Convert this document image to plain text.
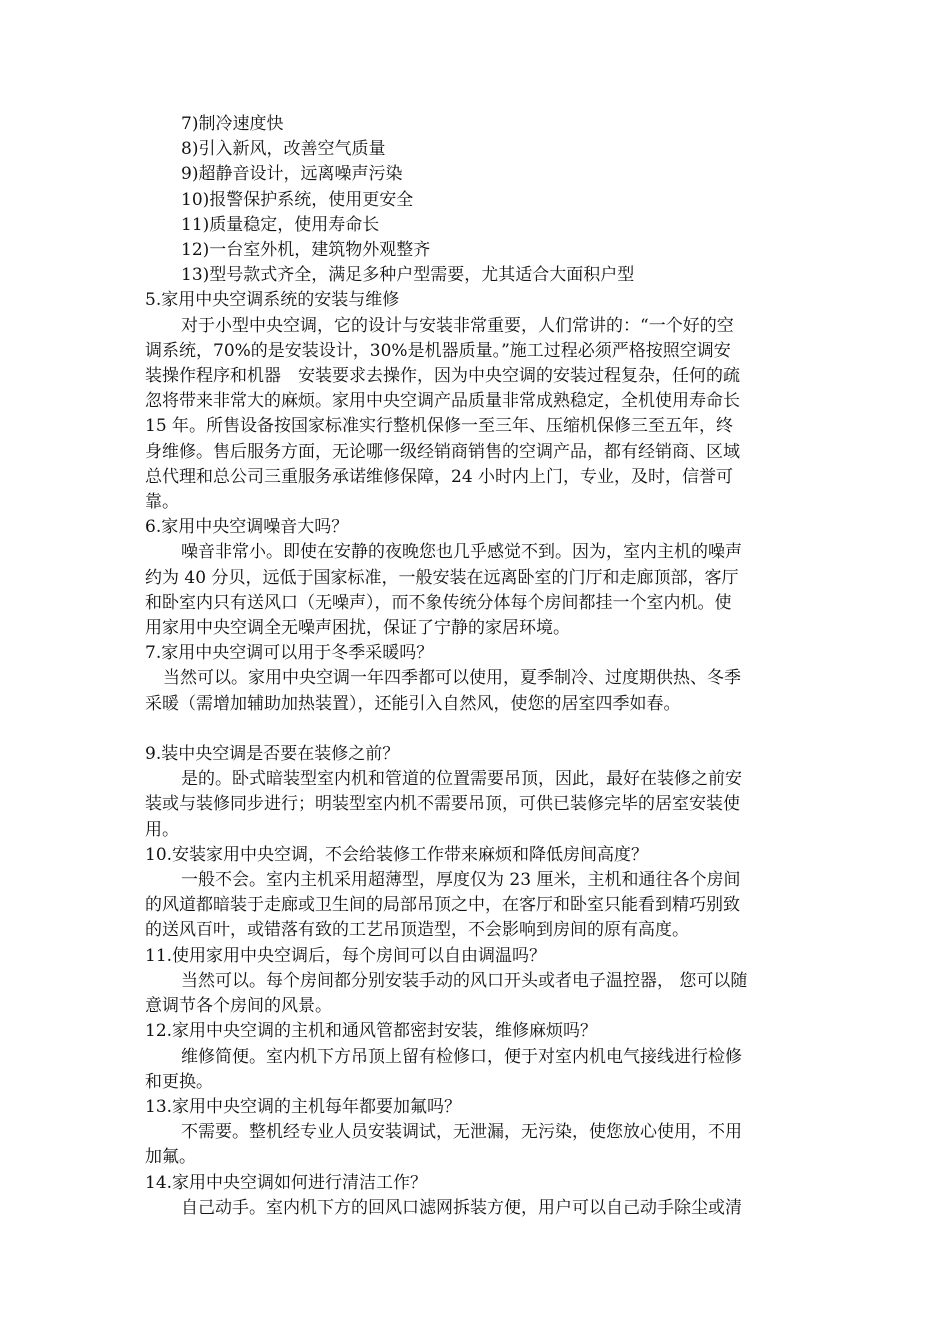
7)制冷速度快
8)引入新风，改善空气质量
9)超静音设计，远离噪声污染
10)报警保护系统，使用更安全
11)质量稳定，使用寿命长
12)一台室外机，建筑物外观整齐
13)型号款式齐全，满足多种户型需要，尤其适合大面积户型
5.家用中央空调系统的安装与维修
对于小型中央空调，它的设计与安装非常重要，人们常讲的：“一个好的空
调系统，70%的是安装设计，30%是机器质量。”施工过程必须严格按照空调安
装操作程序和机器　安装要求去操作，因为中央空调的安装过程复杂，任何的疏
忽将带来非常大的麻烦。家用中央空调产品质量非常成熟稳定，全机使用寿命长
15 年。所售设备按国家标准实行整机保修一至三年、压缩机保修三至五年，终
身维修。售后服务方面，无论哪一级经销商销售的空调产品，都有经销商、区域
总代理和总公司三重服务承诺维修保障，24 小时内上门，专业，及时，信誉可
靠。
6.家用中央空调噪音大吗？
噪音非常小。即使在安静的夜晚您也几乎感觉不到。因为，室内主机的噪声
约为 40 分贝，远低于国家标准，一般安装在远离卧室的门厅和走廊顶部，客厅
和卧室内只有送风口（无噪声），而不象传统分体每个房间都挂一个室内机。使
用家用中央空调全无噪声困扰，保证了宁静的家居环境。
7.家用中央空调可以用于冬季采暖吗？
当然可以。家用中央空调一年四季都可以使用，夏季制冷、过度期供热、冬季
采暖（需增加辅助加热装置），还能引入自然风，使您的居室四季如春。
9.装中央空调是否要在装修之前？
是的。卧式暗装型室内机和管道的位置需要吊顶，因此，最好在装修之前安
装或与装修同步进行；明装型室内机不需要吊顶，可供已装修完毕的居室安装使
用。
10.安装家用中央空调，不会给装修工作带来麻烦和降低房间高度？
一般不会。室内主机采用超薄型，厚度仅为 23 厘米，主机和通往各个房间
的风道都暗装于走廊或卫生间的局部吊顶之中，在客厅和卧室只能看到精巧别致
的送风百叶，或错落有致的工艺吊顶造型，不会影响到房间的原有高度。
11.使用家用中央空调后，每个房间可以自由调温吗？
当然可以。每个房间都分别安装手动的风口开头或者电子温控器， 您可以随
意调节各个房间的风景。
12.家用中央空调的主机和通风管都密封安装，维修麻烦吗？
维修简便。室内机下方吊顶上留有检修口，便于对室内机电气接线进行检修
和更换。
13.家用中央空调的主机每年都要加氟吗？
不需要。整机经专业人员安装调试，无泄漏，无污染，使您放心使用，不用
加氟。
14.家用中央空调如何进行清洁工作？
自己动手。室内机下方的回风口滤网拆装方便，用户可以自己动手除尘或清
